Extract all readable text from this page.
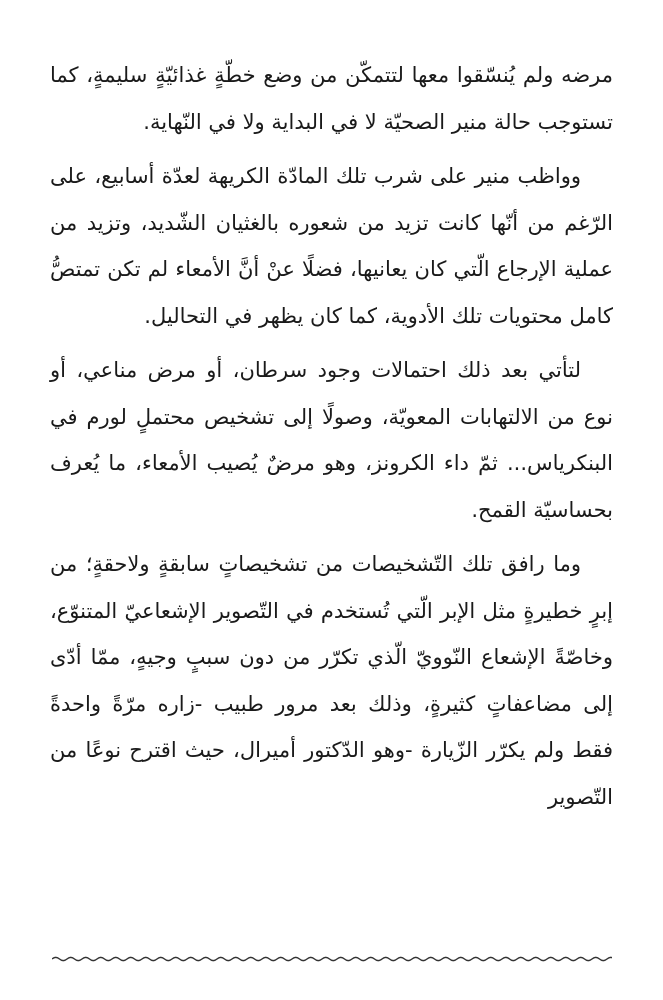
مرضه ولم يُنسّقوا معها لتتمكّن من وضع خطّةٍ غذائيّةٍ سليمةٍ، كما تستوجب حالة منير الصحيّة لا في البداية ولا في النّهاية.

وواظب منير على شرب تلك المادّة الكريهة لعدّة أسابيع، على الرّغم من أنّها كانت تزيد من شعوره بالغثيان الشّديد، وتزيد من عملية الإرجاع الّتي كان يعانيها، فضلًا عنْ أنَّ الأمعاء لم تكن تمتصُّ كامل محتويات تلك الأدوية، كما كان يظهر في التحاليل.

لتأتي بعد ذلك احتمالات وجود سرطان، أو مرض مناعي، أو نوع من الالتهابات المعويّة، وصولًا إلى تشخيص محتملٍ لورم في البنكرياس... ثمّ داء الكرونز، وهو مرضٌ يُصيب الأمعاء، ما يُعرف بحساسيّة القمح.

وما رافق تلك التّشخيصات من تشخيصاتٍ سابقةٍ ولاحقةٍ؛ من إبرٍ خطيرةٍ مثل الإبر الّتي تُستخدم في التّصوير الإشعاعيّ المتنوّع، وخاصّةً الإشعاع النّوويّ الّذي تكرّر من دون سببٍ وجيهٍ، ممّا أدّى إلى مضاعفاتٍ كثيرةٍ، وذلك بعد مرور طبيب -زاره مرّةً واحدةً فقط ولم يكرّر الزّيارة -وهو الدّكتور أميرال، حيث اقترح نوعًا من التّصوير
